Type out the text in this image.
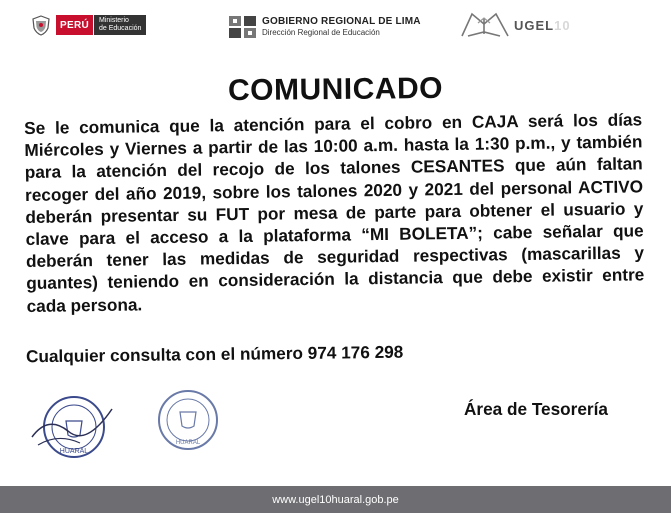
PERÚ	Ministerio
de Educación
GOBIERNO REGIONAL DE LIMA
Dirección Regional de Educación	UGEL10
COMUNICADO
Se le comunica que la atención para el cobro en CAJA será los días Miércoles y Viernes a partir de las 10:00 a.m. hasta la 1:30 p.m., y también para la atención del recojo de los talones CESANTES que aún faltan recoger del año 2019, sobre los talones 2020 y 2021 del personal ACTIVO deberán presentar su FUT por mesa de parte para obtener el usuario y clave para el acceso a la plataforma “MI BOLETA”; cabe señalar que deberán tener las medidas de seguridad respectivas (mascarillas y guantes) teniendo en consideración la distancia que debe existir entre cada persona.
Cualquier consulta con el número 974 176 298
HUARAL
HUARAL
Área de Tesorería
www.ugel10huaral.gob.pe
